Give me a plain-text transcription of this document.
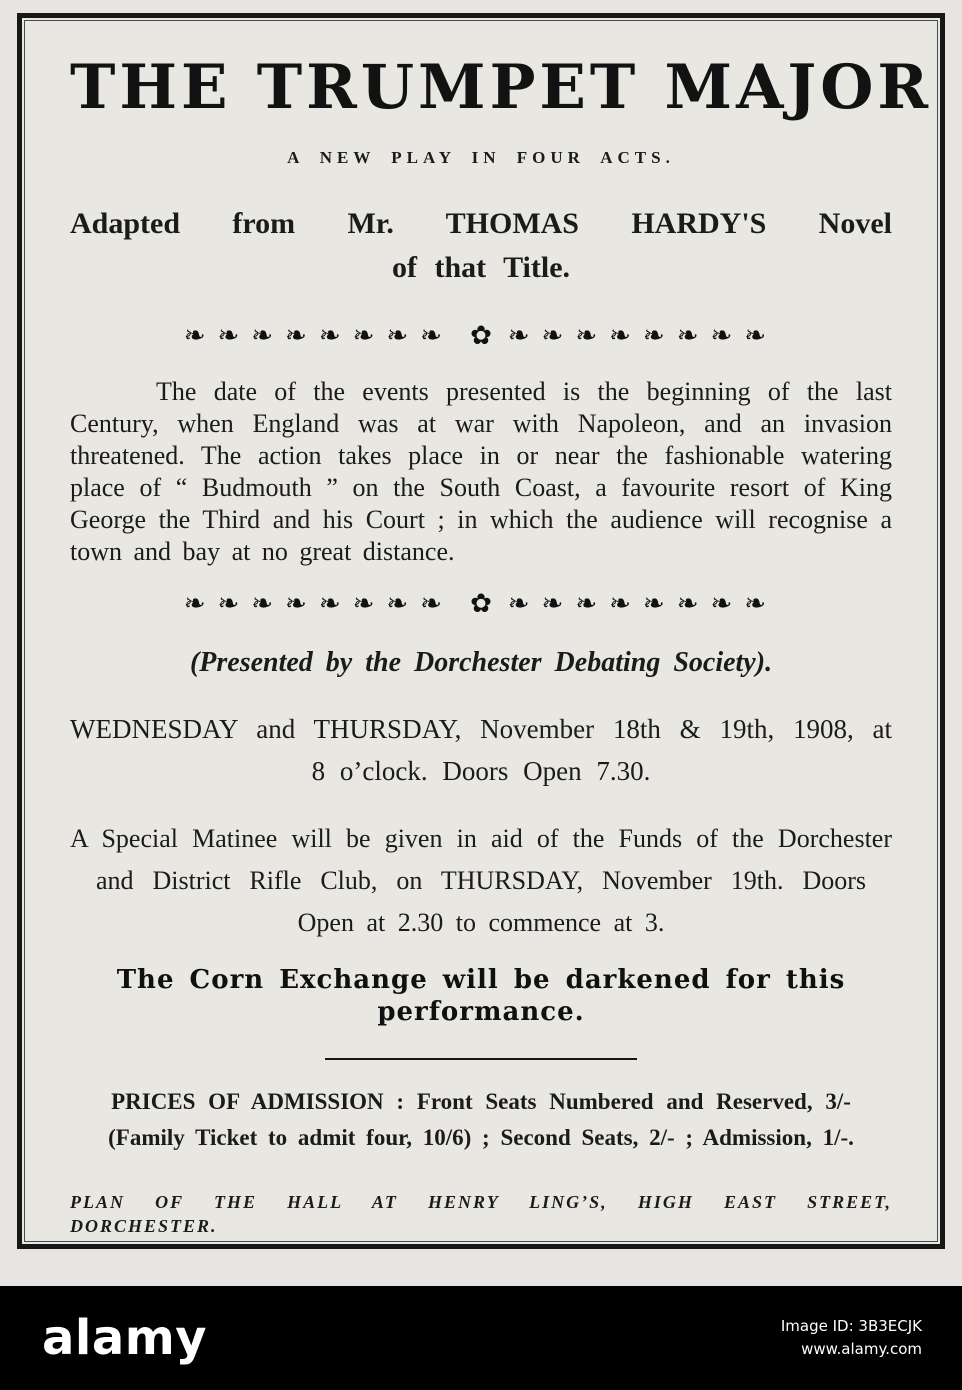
THE TRUMPET MAJOR
A NEW PLAY IN FOUR ACTS.
Adapted from Mr. THOMAS HARDY'S Novel
of that Title.
❧❧❧❧❧❧❧❧ ✿ ❧❧❧❧❧❧❧❧
The date of the events presented is the beginning of the last Century, when England was at war with Napoleon, and an invasion threatened. The action takes place in or near the fashionable watering place of “ Budmouth ” on the South Coast, a favourite resort of King George the Third and his Court ; in which the audience will recognise a town and bay at no great distance.
❧❧❧❧❧❧❧❧ ✿ ❧❧❧❧❧❧❧❧
(Presented by the Dorchester Debating Society).
WEDNESDAY and THURSDAY, November 18th & 19th, 1908, at
8 o’clock. Doors Open 7.30.
A Special Matinee will be given in aid of the Funds of the Dorchester
and District Rifle Club, on THURSDAY, November 19th. Doors
Open at 2.30 to commence at 3.
The Corn Exchange will be darkened for this performance.
PRICES OF ADMISSION : Front Seats Numbered and Reserved, 3/-
(Family Ticket to admit four, 10/6) ; Second Seats, 2/- ; Admission, 1/-.
PLAN OF THE HALL AT HENRY LING’S, HIGH EAST STREET, DORCHESTER.
alamy	Image ID: 3B3ECJK
www.alamy.com
